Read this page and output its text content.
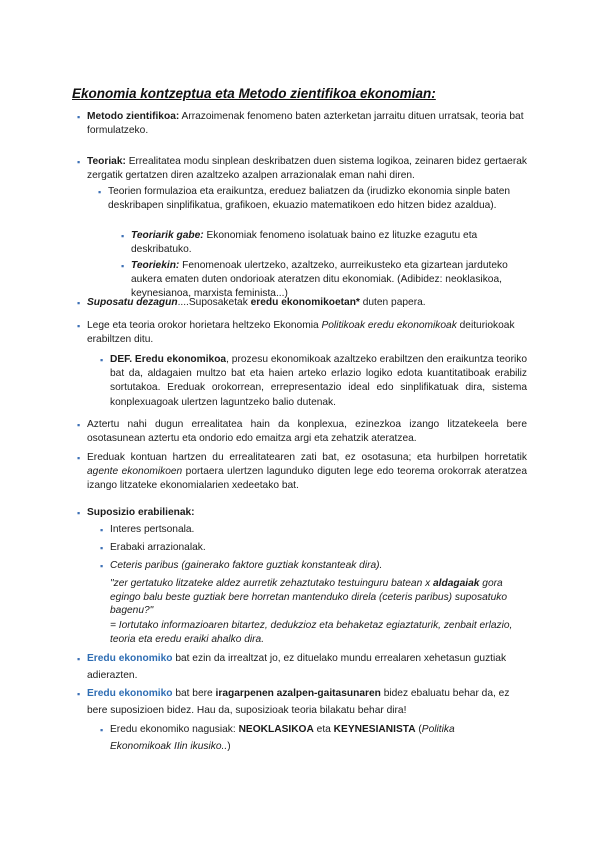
Ekonomia kontzeptua eta Metodo zientifikoa ekonomian:
▪ Metodo zientifikoa: Arrazoimenak fenomeno baten azterketan jarraitu dituen urratsak, teoria bat formulatzeko.
▪ Teoriak: Errealitatea modu sinplean deskribatzen duen sistema logikoa, zeinaren bidez gertaerak zergatik gertatzen diren azaltzeko azalpen arrazionalak eman nahi diren.
▪ Teorien formulazioa eta eraikuntza, ereduez baliatzen da (irudizko ekonomia sinple baten deskribapen sinplifikatua, grafikoen, ekuazio matematikoen edo hitzen bidez azaldua).
▪ Teoriarik gabe: Ekonomiak fenomeno isolatuak baino ez lituzke ezagutu eta deskribatuko.
▪ Teoriekin: Fenomenoak ulertzeko, azaltzeko, aurreikusteko eta gizartean jarduteko aukera ematen duten ondorioak ateratzen ditu ekonomiak. (Adibidez: neoklasikoa, keynesianoa, marxista feminista...)
▪ Suposatu dezagun....Suposaketak eredu ekonomikoetan* duten papera.
▪ Lege eta teoria orokor horietara heltzeko Ekonomia Politikoak eredu ekonomikoak deituriokoak erabiltzen ditu.
▪ DEF. Eredu ekonomikoa, prozesu ekonomikoak azaltzeko erabiltzen den eraikuntza teoriko bat da, aldagaien multzo bat eta haien arteko erlazio logiko edota kuantitatiboak erabiliz sortutakoa. Ereduak orokorrean, errepresentazio ideal edo sinplifikatuak dira, sistema konplexuagoak ulertzen laguntzeko balio dutenak.
▪ Aztertu nahi dugun errealitatea hain da konplexua, ezinezkoa izango litzatekeela bere osotasunean aztertu eta ondorio edo emaitza argi eta zehatzik ateratzea.
▪ Ereduak kontuan hartzen du errealitatearen zati bat, ez osotasuna; eta hurbilpen horretatik agente ekonomikoen portaera ulertzen lagunduko diguten lege edo teorema orokorrak ateratzea izango litzateke ekonomialarien xedeetako bat.
▪ Suposizio erabilienak:
▪ Interes pertsonala.
▪ Erabaki arrazionalak.
▪ Ceteris paribus (gainerako faktore guztiak konstanteak dira).
"zer gertatuko litzateke aldez aurretik zehaztutako testuinguru batean x aldagaiak gora egingo balu beste guztiak bere horretan mantenduko direla (ceteris paribus) suposatuko bagenu?"
= Iortutako informazioaren bitartez, dedukzioz eta behaketaz egiaztaturik, zenbait erlazio, teoria eta eredu eraiki ahalko dira.
▪ Eredu ekonomiko bat ezin da irrealtzat jo, ez dituelako mundu errealaren xehetasun guztiak adierazten.
▪ Eredu ekonomiko bat bere iragarpenen azalpen-gaitasunaren bidez ebaluatu behar da, ez bere suposizioen bidez. Hau da, suposizioak teoria bilakatu behar dira!
▪ Eredu ekonomiko nagusiak: NEOKLASIKOA eta KEYNESIANISTA (Politika Ekonomikoak IIin ikusiko..)
